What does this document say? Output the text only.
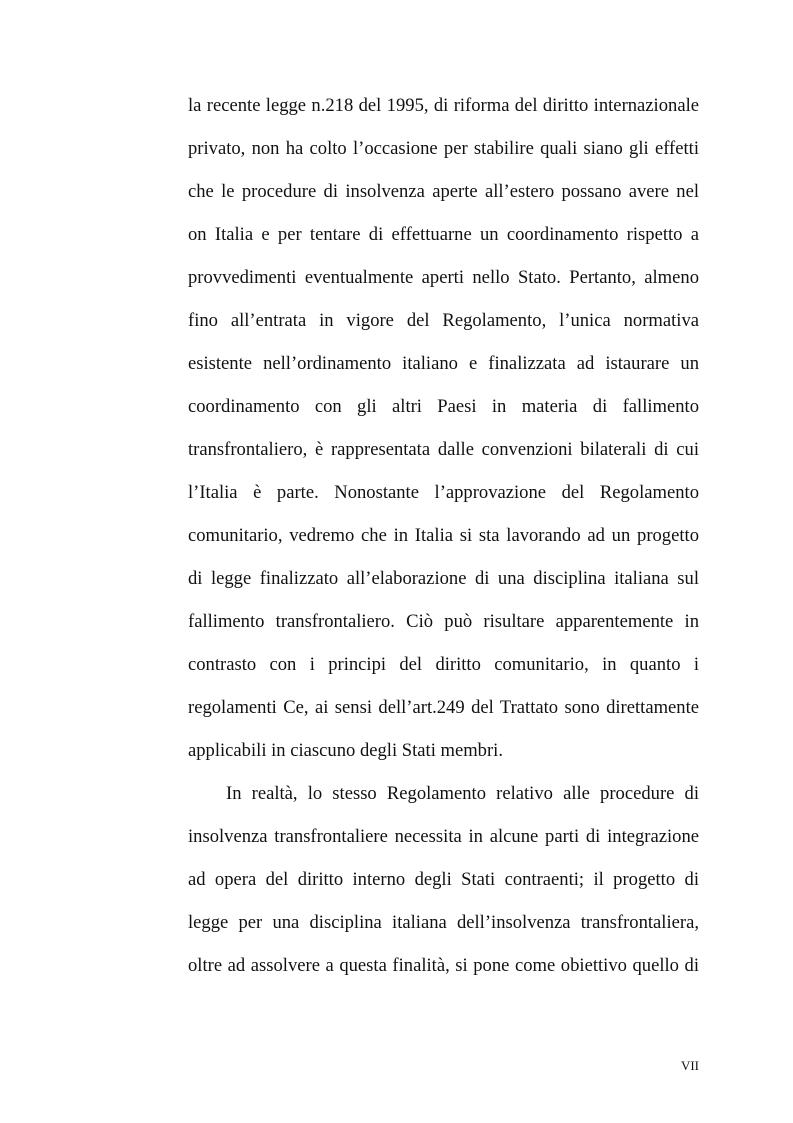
la recente legge n.218 del 1995, di riforma del diritto internazionale
privato, non ha colto l’occasione per stabilire quali siano gli effetti
che le procedure di insolvenza aperte all’estero possano avere nel
on Italia e per tentare di effettuarne un coordinamento rispetto a
provvedimenti eventualmente aperti nello Stato. Pertanto, almeno
fino all’entrata in vigore del Regolamento, l’unica normativa
esistente nell’ordinamento italiano e finalizzata ad istaurare un
coordinamento con gli altri Paesi in materia di fallimento
transfrontaliero, è rappresentata dalle convenzioni bilaterali di cui
l’Italia è parte. Nonostante l’approvazione del Regolamento
comunitario, vedremo che in Italia si sta lavorando ad un progetto
di legge finalizzato all’elaborazione di una disciplina italiana sul
fallimento transfrontaliero. Ciò può risultare apparentemente in
contrasto con i principi del diritto comunitario, in quanto i
regolamenti Ce, ai sensi dell’art.249 del Trattato sono direttamente
applicabili in ciascuno degli Stati membri.
In realtà, lo stesso Regolamento relativo alle procedure di
insolvenza transfrontaliere necessita in alcune parti di integrazione
ad opera del diritto interno degli Stati contraenti; il progetto di
legge per una disciplina italiana dell’insolvenza transfrontaliera,
oltre ad assolvere a questa finalità, si pone come obiettivo quello di
VII
